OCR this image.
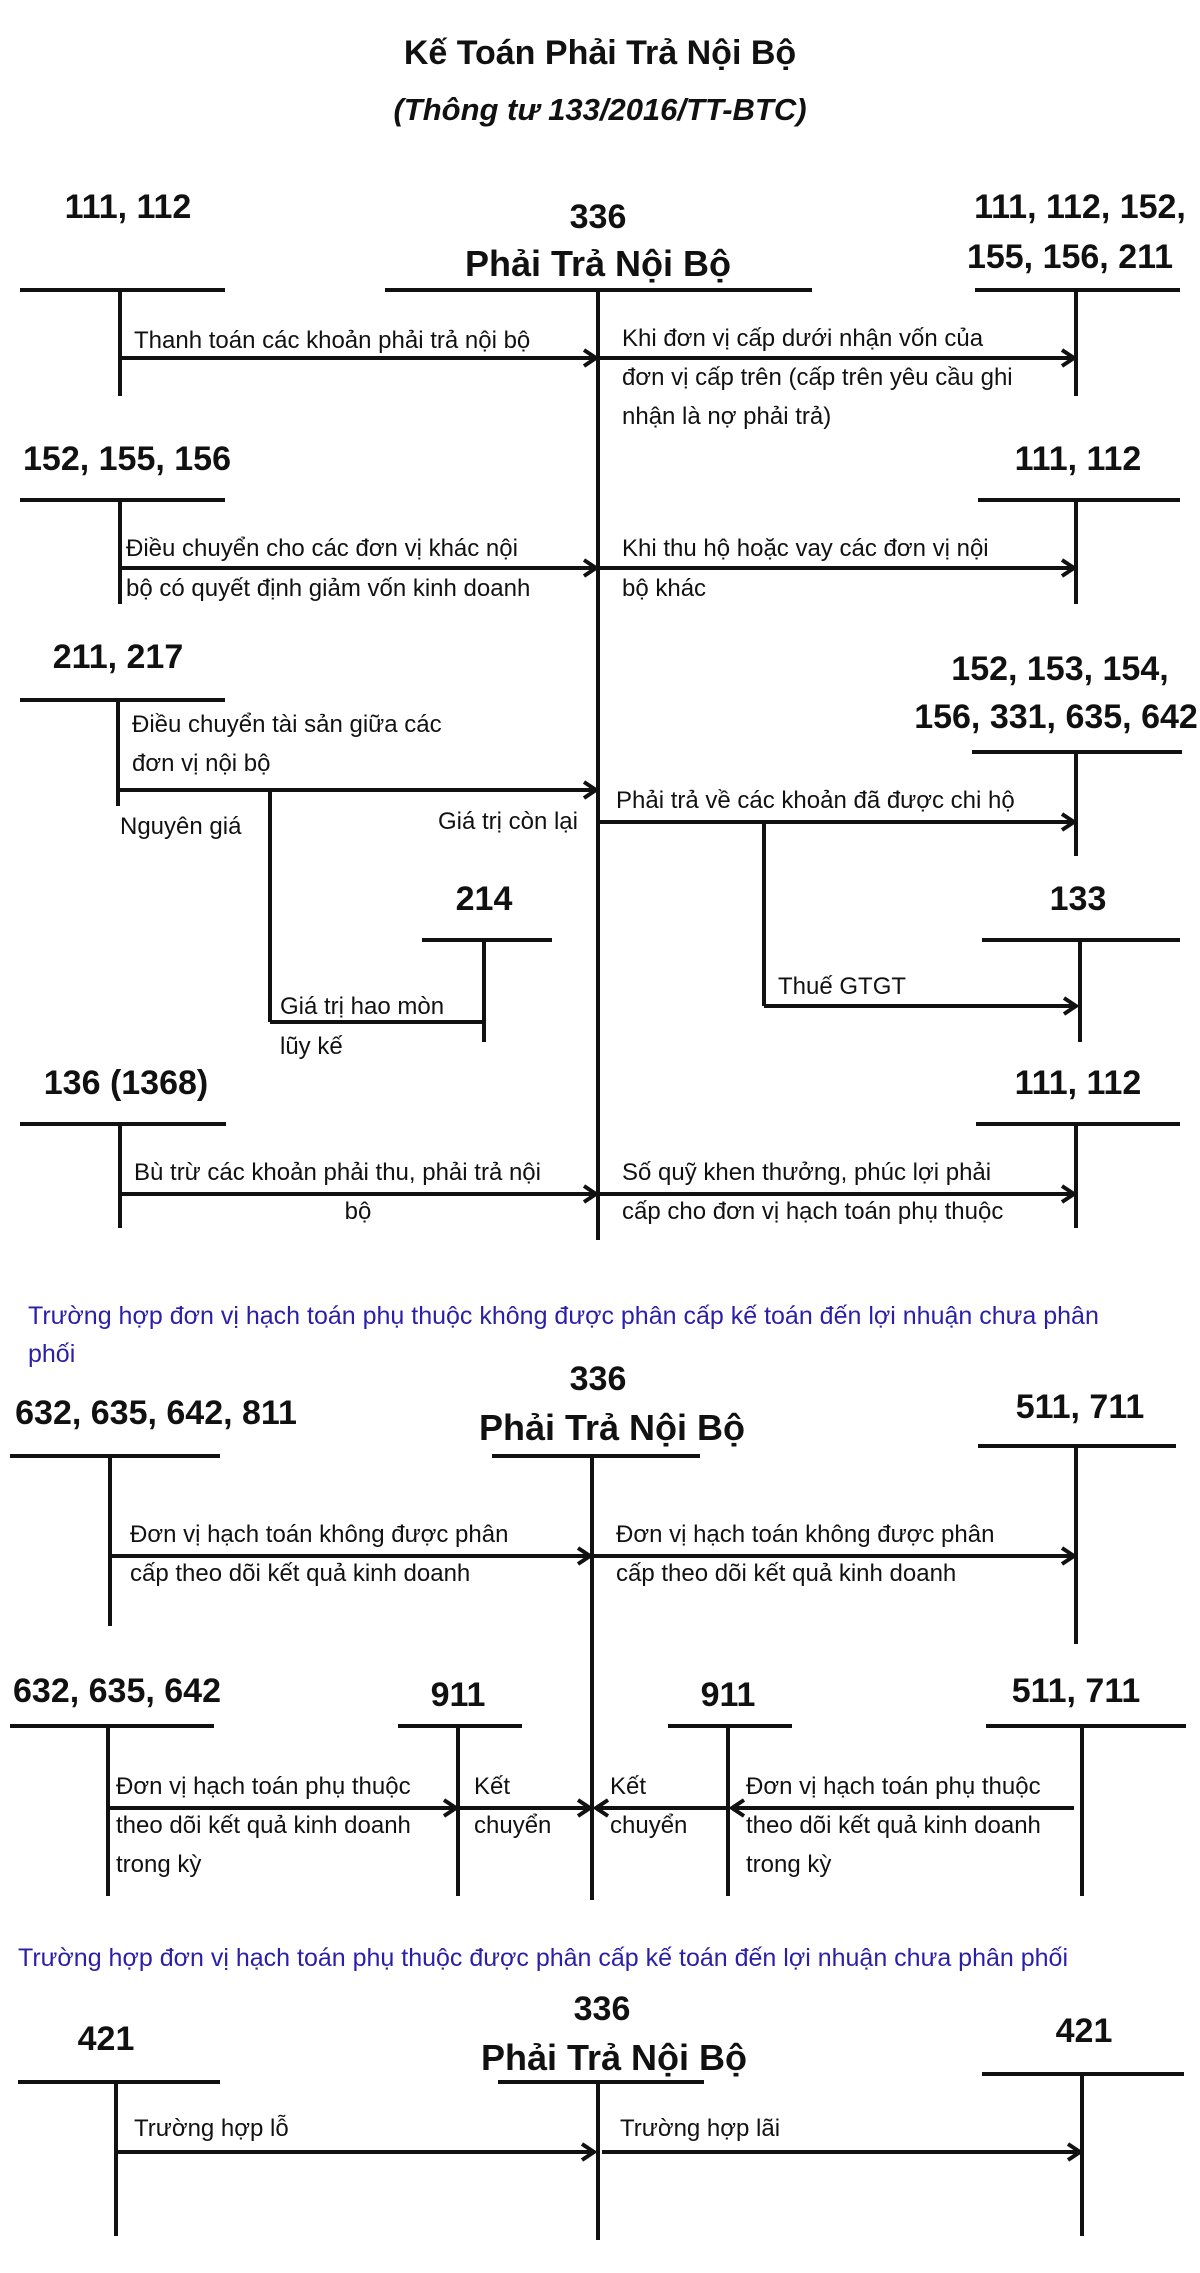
Kế Toán Phải Trả Nội Bộ
(Thông tư 133/2016/TT-BTC)
336
Phải Trả Nội Bộ
111, 112
Thanh toán các khoản phải trả nội bộ
111, 112, 152,
155, 156, 211
Khi đơn vị cấp dưới nhận vốn của
đơn vị cấp trên (cấp trên yêu cầu ghi
nhận là nợ phải trả)
152, 155, 156
Điều chuyển cho các đơn vị khác nội
bộ có quyết định giảm vốn kinh doanh
111, 112
Khi thu hộ hoặc vay các đơn vị nội
bộ khác
211, 217
Điều chuyển tài sản giữa các
đơn vị nội bộ
Nguyên giá	Giá trị còn lại
214
Giá trị hao mòn
lũy kế
152, 153, 154,
156, 331, 635, 642
Phải trả về các khoản đã được chi hộ
Thuế GTGT
133
136 (1368)
Bù trừ các khoản phải thu, phải trả nội
bộ
111, 112
Số quỹ khen thưởng, phúc lợi phải
cấp cho đơn vị hạch toán phụ thuộc
Trường hợp đơn vị hạch toán phụ thuộc không được phân cấp kế toán đến lợi nhuận chưa phân
phối
336
Phải Trả Nội Bộ
632, 635, 642, 811
Đơn vị hạch toán không được phân
cấp theo dõi kết quả kinh doanh
511, 711
Đơn vị hạch toán không được phân
cấp theo dõi kết quả kinh doanh
632, 635, 642
Đơn vị hạch toán phụ thuộc
theo dõi kết quả kinh doanh
trong kỳ
911
Kết
chuyển
911
Kết
chuyển
511, 711
Đơn vị hạch toán phụ thuộc
theo dõi kết quả kinh doanh
trong kỳ
Trường hợp đơn vị hạch toán phụ thuộc được phân cấp kế toán đến lợi nhuận chưa phân phối
336
Phải Trả Nội Bộ
421
Trường hợp lỗ
421
Trường hợp lãi
